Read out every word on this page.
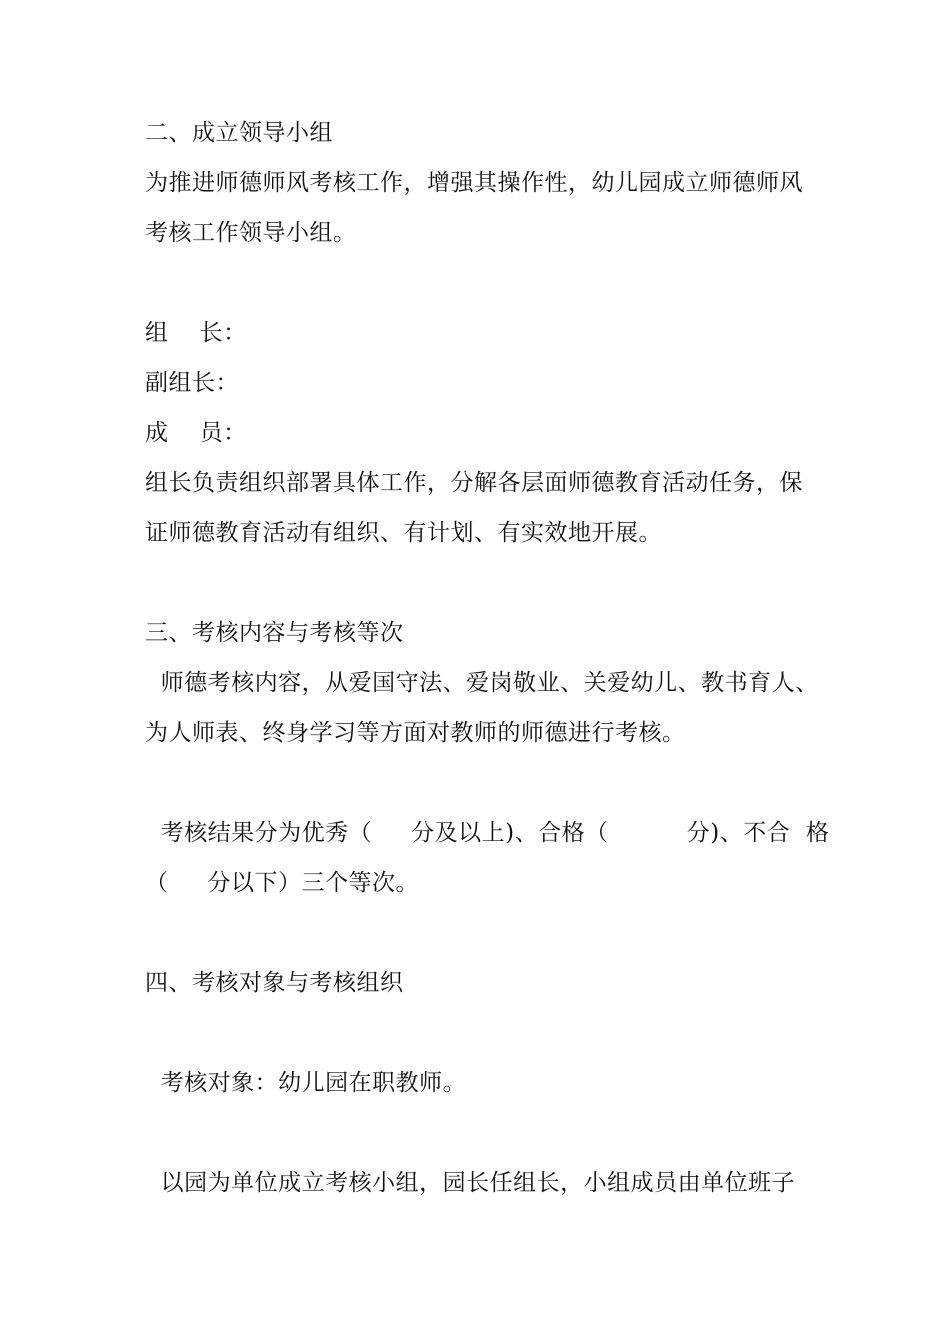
二、成立领导小组
为推进师德师风考核工作，增强其操作性，幼儿园成立师德师风
考核工作领导小组。
组    长：
副组长：
成    员：
组长负责组织部署具体工作，分解各层面师德教育活动任务，保
证师德教育活动有组织、有计划、有实效地开展。
三、考核内容与考核等次
师德考核内容，从爱国守法、爱岗敬业、关爱幼儿、教书育人、
为人师表、终身学习等方面对教师的师德进行考核。
考核结果分为优秀（     分及以上)、合格（          分)、不合  格
（     分以下）三个等次。
四、考核对象与考核组织
考核对象：幼儿园在职教师。
以园为单位成立考核小组，园长任组长，小组成员由单位班子
